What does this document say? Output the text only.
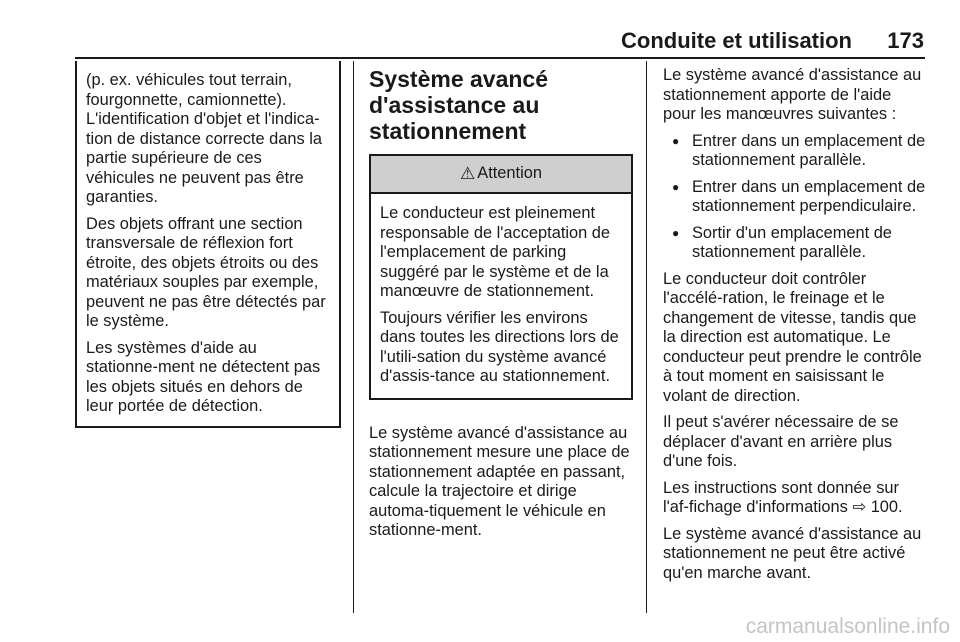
Conduite et utilisation	173

(p. ex. véhicules tout terrain, fourgonnette, camionnette). L'identification d'objet et l'indica-tion de distance correcte dans la partie supérieure de ces véhicules ne peuvent pas être garanties.

Des objets offrant une section transversale de réflexion fort étroite, des objets étroits ou des matériaux souples par exemple, peuvent ne pas être détectés par le système.

Les systèmes d'aide au stationne-ment ne détectent pas les objets situés en dehors de leur portée de détection.

Système avancé
d'assistance au
stationnement
⚠ Attention

Le conducteur est pleinement responsable de l'acceptation de l'emplacement de parking suggéré par le système et de la manœuvre de stationnement.

Toujours vérifier les environs dans toutes les directions lors de l'utili-sation du système avancé d'assis-tance au stationnement.

Le système avancé d'assistance au stationnement mesure une place de stationnement adaptée en passant, calcule la trajectoire et dirige automa-tiquement le véhicule en stationne-ment.

Le système avancé d'assistance au stationnement apporte de l'aide pour les manœuvres suivantes :

● Entrer dans un emplacement de stationnement parallèle.
● Entrer dans un emplacement de stationnement perpendiculaire.
● Sortir d'un emplacement de stationnement parallèle.

Le conducteur doit contrôler l'accélé-ration, le freinage et le changement de vitesse, tandis que la direction est automatique. Le conducteur peut prendre le contrôle à tout moment en saisissant le volant de direction.

Il peut s'avérer nécessaire de se déplacer d'avant en arrière plus d'une fois.

Les instructions sont donnée sur l'af-fichage d'informations ⇨ 100.

Le système avancé d'assistance au stationnement ne peut être activé qu'en marche avant.

carmanualsonline.info
